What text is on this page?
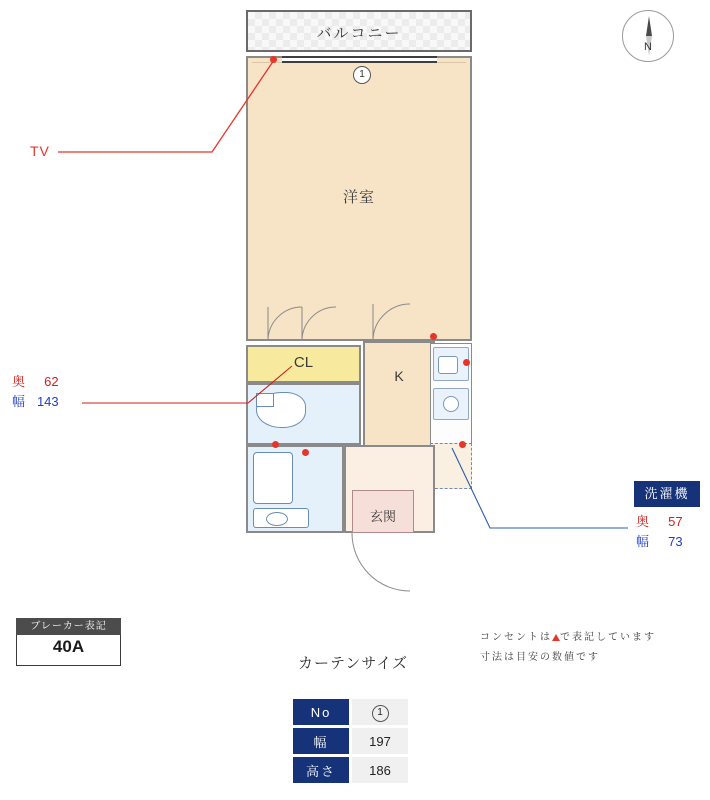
N
バルコニー
1
洋室
CL
K
玄関
TV
奥 62
幅 143
洗濯機
奥 57
幅 73
ブレーカー表記
40A	コンセントは で表記しています
寸法は目安の数値です
カーテンサイズ
No	1
幅	197
高さ	186
